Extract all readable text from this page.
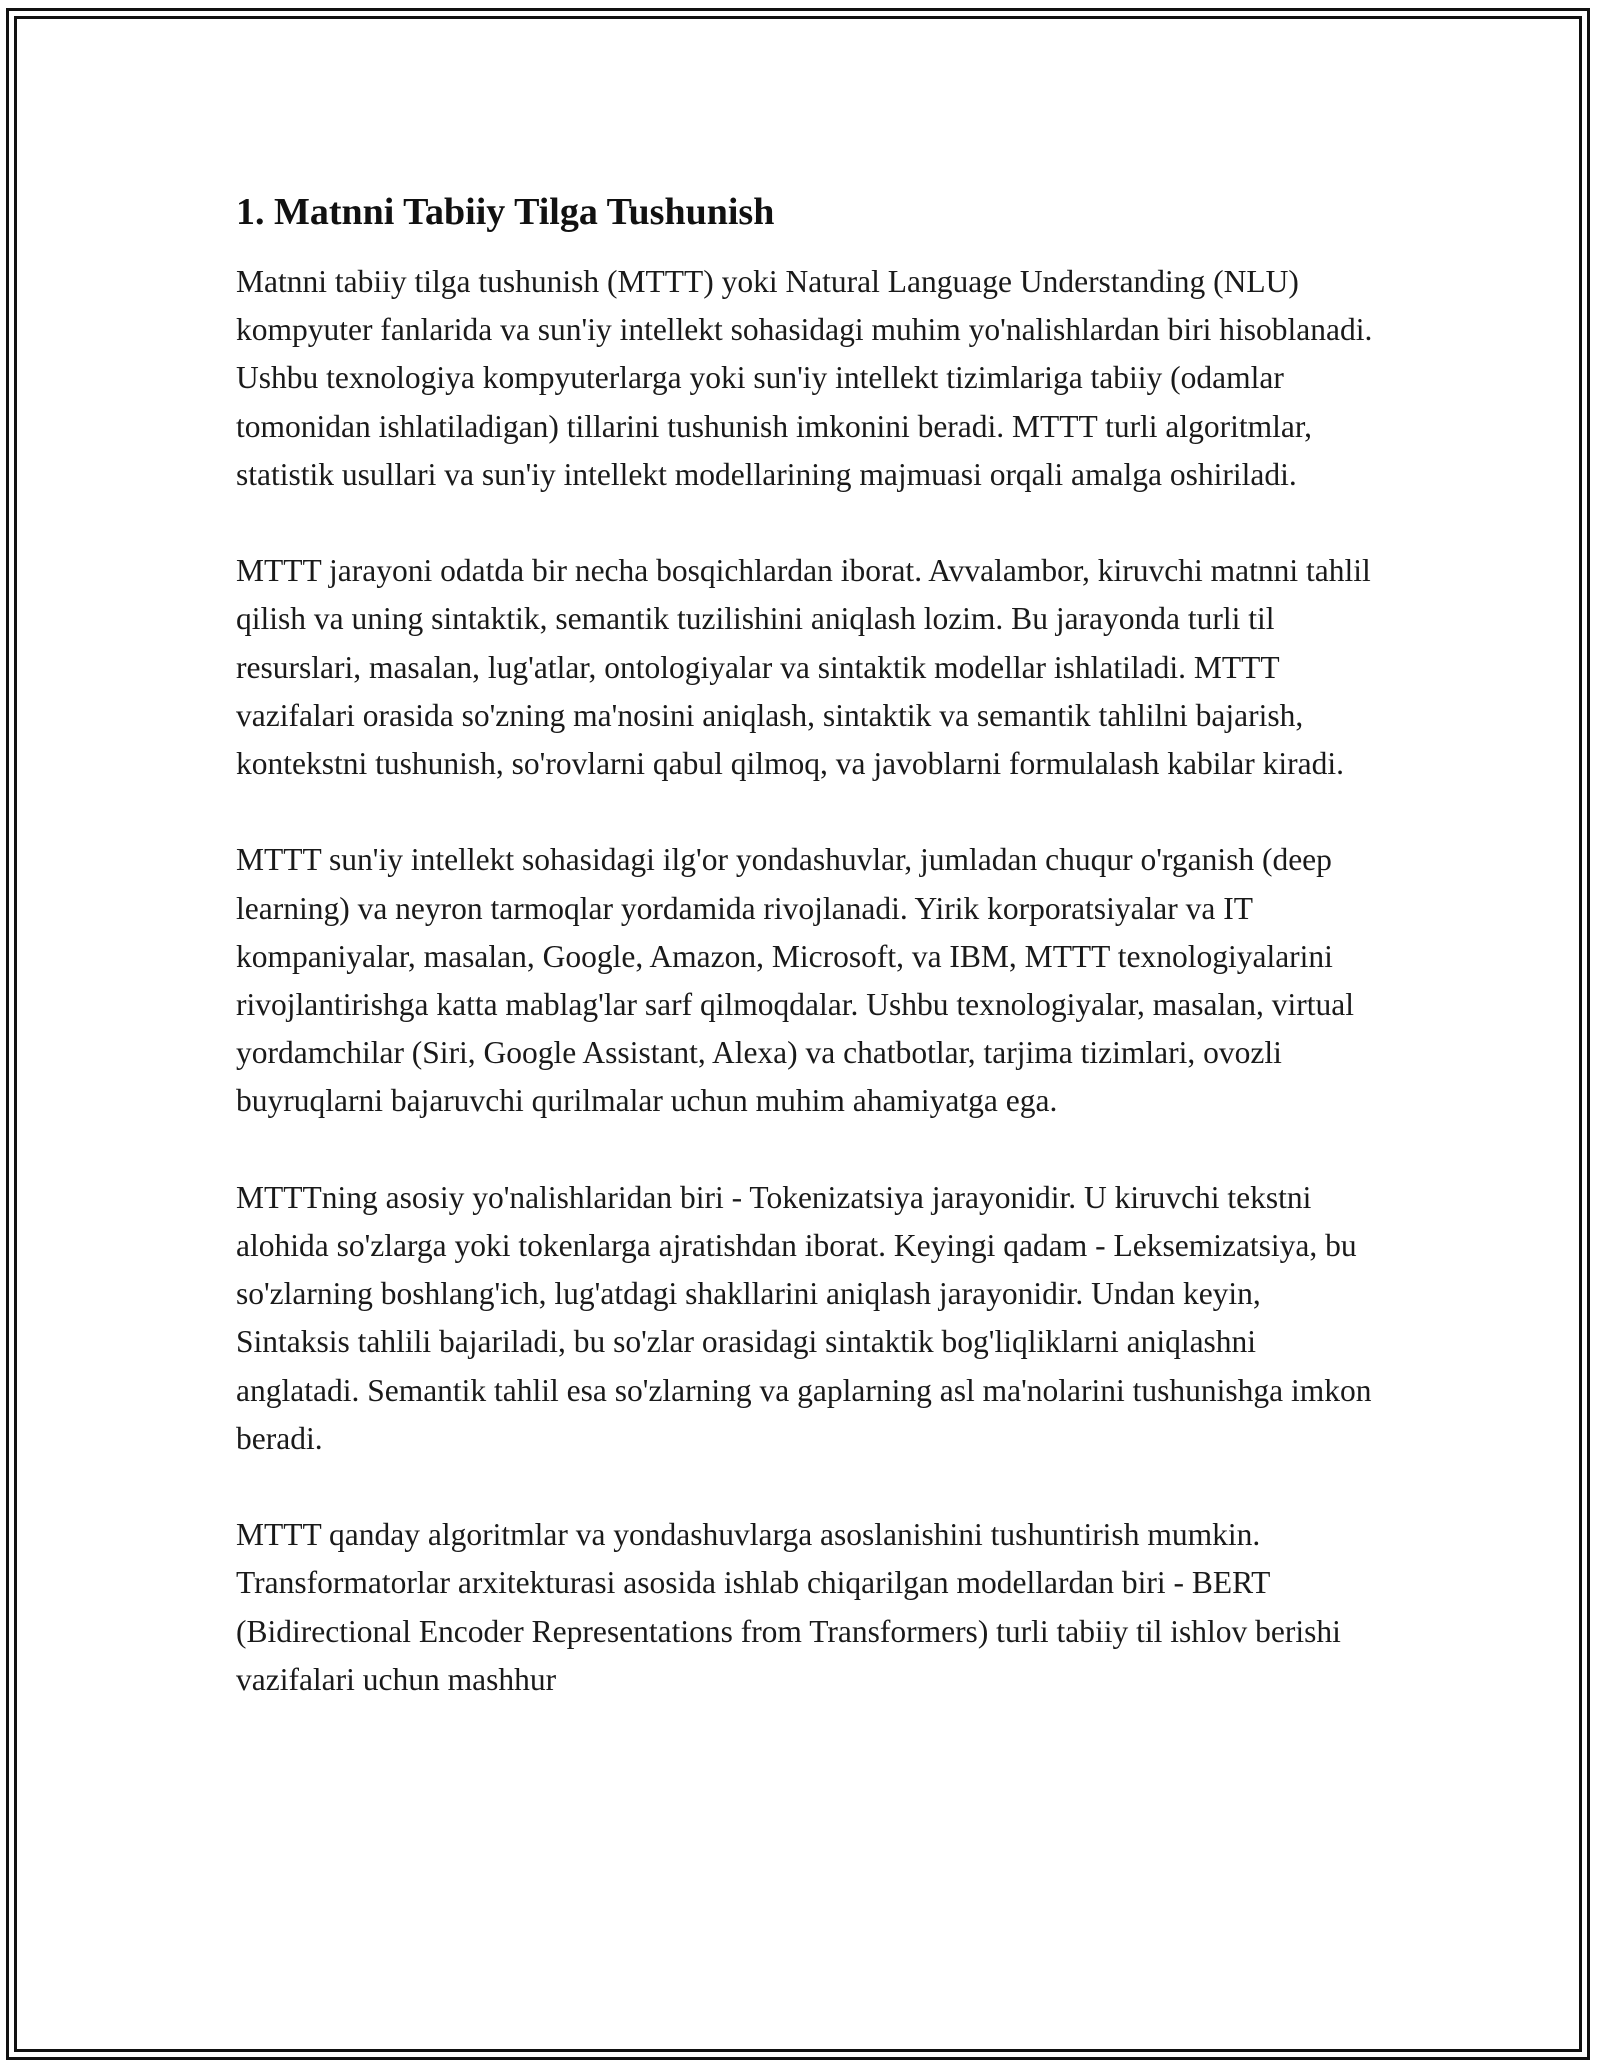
1. Matnni Tabiiy Tilga Tushunish

Matnni tabiiy tilga tushunish (MTTT) yoki Natural Language Understanding (NLU) kompyuter fanlarida va sun'iy intellekt sohasidagi muhim yo'nalishlardan biri hisoblanadi. Ushbu texnologiya kompyuterlarga yoki sun'iy intellekt tizimlariga tabiiy (odamlar tomonidan ishlatiladigan) tillarini tushunish imkonini beradi. MTTT turli algoritmlar, statistik usullari va sun'iy intellekt modellarining majmuasi orqali amalga oshiriladi.

MTTT jarayoni odatda bir necha bosqichlardan iborat. Avvalambor, kiruvchi matnni tahlil qilish va uning sintaktik, semantik tuzilishini aniqlash lozim. Bu jarayonda turli til resurslari, masalan, lug'atlar, ontologiyalar va sintaktik modellar ishlatiladi. MTTT vazifalari orasida so'zning ma'nosini aniqlash, sintaktik va semantik tahlilni bajarish, kontekstni tushunish, so'rovlarni qabul qilmoq, va javoblarni formulalash kabilar kiradi.

MTTT sun'iy intellekt sohasidagi ilg'or yondashuvlar, jumladan chuqur o'rganish (deep learning) va neyron tarmoqlar yordamida rivojlanadi. Yirik korporatsiyalar va IT kompaniyalar, masalan, Google, Amazon, Microsoft, va IBM, MTTT texnologiyalarini rivojlantirishga katta mablag'lar sarf qilmoqdalar. Ushbu texnologiyalar, masalan, virtual yordamchilar (Siri, Google Assistant, Alexa) va chatbotlar, tarjima tizimlari, ovozli buyruqlarni bajaruvchi qurilmalar uchun muhim ahamiyatga ega.

MTTTning asosiy yo'nalishlaridan biri - Tokenizatsiya jarayonidir. U kiruvchi tekstni alohida so'zlarga yoki tokenlarga ajratishdan iborat. Keyingi qadam - Leksemizatsiya, bu so'zlarning boshlang'ich, lug'atdagi shakllarini aniqlash jarayonidir. Undan keyin, Sintaksis tahlili bajariladi, bu so'zlar orasidagi sintaktik bog'liqliklarni aniqlashni anglatadi. Semantik tahlil esa so'zlarning va gaplarning asl ma'nolarini tushunishga imkon beradi.

MTTT qanday algoritmlar va yondashuvlarga asoslanishini tushuntirish mumkin. Transformatorlar arxitekturasi asosida ishlab chiqarilgan modellardan biri - BERT (Bidirectional Encoder Representations from Transformers) turli tabiiy til ishlov berishi vazifalari uchun mashhur
